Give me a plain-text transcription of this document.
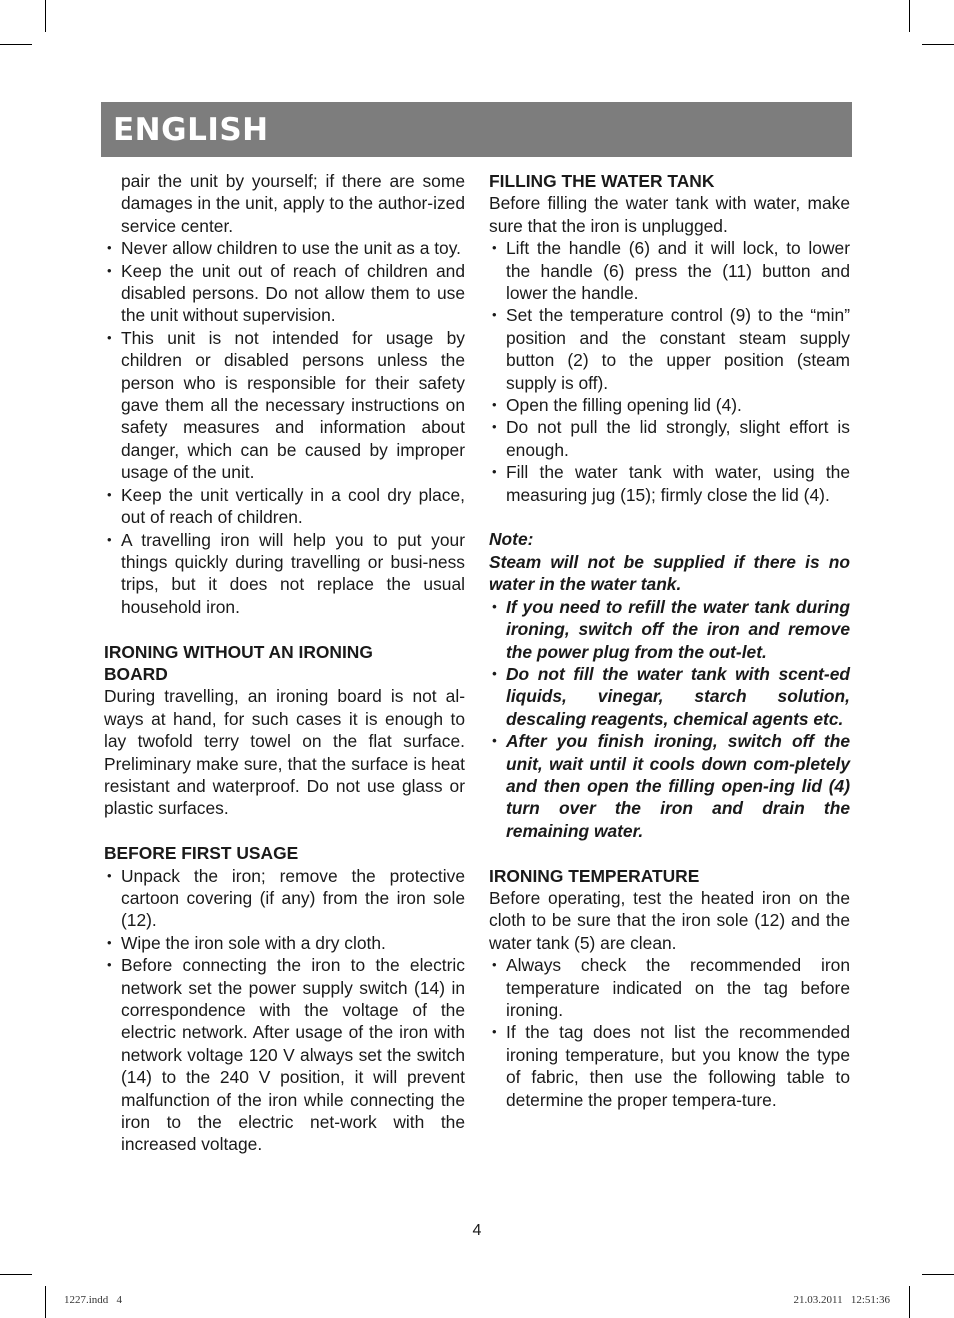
ENGLISH

pair the unit by yourself; if there are some damages in the unit, apply to the author-ized service center.

• Never allow children to use the unit as a toy.
• Keep the unit out of reach of children and disabled persons. Do not allow them to use the unit without supervision.
• This unit is not intended for usage by children or disabled persons unless the person who is responsible for their safety gave them all the necessary instructions on safety measures and information about danger, which can be caused by improper usage of the unit.
• Keep the unit vertically in a cool dry place, out of reach of children.
• A travelling iron will help you to put your things quickly during travelling or busi-ness trips, but it does not replace the usual household iron.
IRONING WITHOUT AN IRONING BOARD

During travelling, an ironing board is not al-ways at hand, for such cases it is enough to lay twofold terry towel on the flat surface. Preliminary make sure, that the surface is heat resistant and waterproof. Do not use glass or plastic surfaces.

BEFORE FIRST USAGE
• Unpack the iron; remove the protective cartoon covering (if any) from the iron sole (12).
• Wipe the iron sole with a dry cloth.
• Before connecting the iron to the electric network set the power supply switch (14) in correspondence with the voltage of the electric network. After usage of the iron with network voltage 120 V always set the switch (14) to the 240 V position, it will prevent malfunction of the iron while connecting the iron to the electric net-work with the increased voltage.
FILLING THE WATER TANK

Before filling the water tank with water, make sure that the iron is unplugged.

• Lift the handle (6) and it will lock, to lower the handle (6) press the (11) button and lower the handle.
• Set the temperature control (9) to the “min” position and the constant steam supply button (2) to the upper position (steam supply is off).
• Open the filling opening lid (4).
• Do not pull the lid strongly, slight effort is enough.
• Fill the water tank with water, using the measuring jug (15); firmly close the lid (4).

Note:

Steam will not be supplied if there is no water in the water tank.

• If you need to refill the water tank during ironing, switch off the iron and remove the power plug from the out-let.
• Do not fill the water tank with scent-ed liquids, vinegar, starch solution, descaling reagents, chemical agents etc.
• After you finish ironing, switch off the unit, wait until it cools down com-pletely and then open the filling open-ing lid (4) turn over the iron and drain the remaining water.
IRONING TEMPERATURE

Before operating, test the heated iron on the cloth to be sure that the iron sole (12) and the water tank (5) are clean.

• Always check the recommended iron temperature indicated on the tag before ironing.
• If the tag does not list the recommended ironing temperature, but you know the type of fabric, then use the following table to determine the proper tempera-ture.
4
1227.indd   4	21.03.2011   12:51:36
